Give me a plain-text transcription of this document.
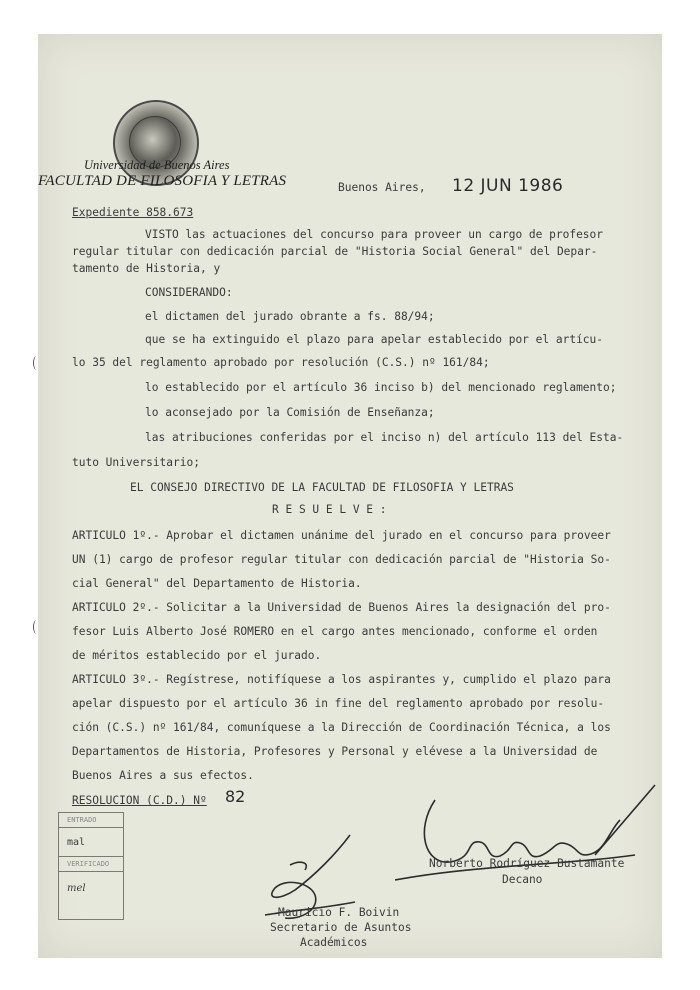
Universidad de Buenos Aires
FACULTAD DE FILOSOFIA Y LETRAS	Buenos Aires, 12 JUN 1986
Expediente 858.673
VISTO las actuaciones del concurso para proveer un cargo de profesor
regular titular con dedicación parcial de "Historia Social General" del Depar-
tamento de Historia, y
CONSIDERANDO:
el dictamen del jurado obrante a fs. 88/94;
que se ha extinguido el plazo para apelar establecido por el artícu-
lo 35 del reglamento aprobado por resolución (C.S.) nº 161/84;
lo establecido por el artículo 36 inciso b) del mencionado reglamento;
lo aconsejado por la Comisión de Enseñanza;
las atribuciones conferidas por el inciso n) del artículo 113 del Esta-
tuto Universitario;
EL CONSEJO DIRECTIVO DE LA FACULTAD DE FILOSOFIA Y LETRAS
R E S U E L V E :
ARTICULO 1º.- Aprobar el dictamen unánime del jurado en el concurso para proveer
UN (1) cargo de profesor regular titular con dedicación parcial de "Historia So-
cial General" del Departamento de Historia.
ARTICULO 2º.- Solicitar a la Universidad de Buenos Aires la designación del pro-
fesor Luis Alberto José ROMERO en el cargo antes mencionado, conforme el orden
de méritos establecido por el jurado.
ARTICULO 3º.- Regístrese, notifíquese a los aspirantes y, cumplido el plazo para
apelar dispuesto por el artículo 36 in fine del reglamento aprobado por resolu-
ción (C.S.) nº 161/84, comuníquese a la Dirección de Coordinación Técnica, a los
Departamentos de Historia, Profesores y Personal y elévese a la Universidad de
Buenos Aires a sus efectos.
RESOLUCION (C.D.) Nº 82
ENTRADO
mal
VERIFICADO
mel
Norberto Rodríguez Bustamante
Decano
Mauricio F. Boivin
Secretario de Asuntos
Académicos
